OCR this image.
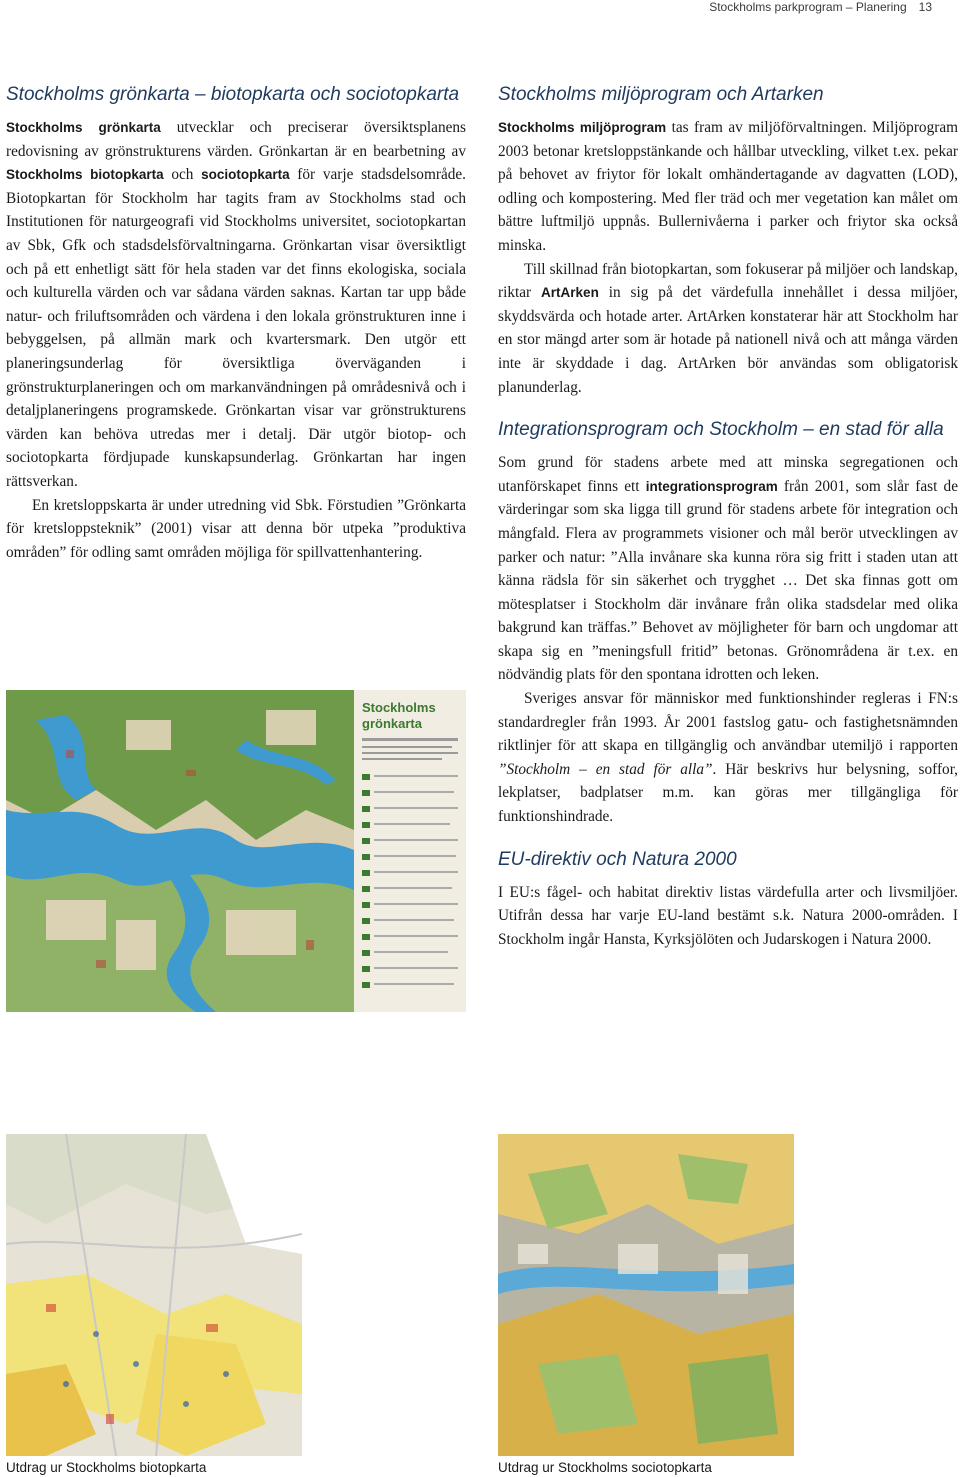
Stockholms parkprogram – Planering 13
Stockholms grönkarta – biotopkarta och sociotopkarta

Stockholms grönkarta utvecklar och preciserar översiktsplanens redovisning av grönstrukturens värden. Grönkartan är en bearbetning av Stockholms biotopkarta och sociotopkarta för varje stadsdelsområde. Biotopkartan för Stockholm har tagits fram av Stockholms stad och Institutionen för naturgeografi vid Stockholms universitet, sociotopkartan av Sbk, Gfk och stadsdelsförvaltningarna. Grönkartan visar översiktligt och på ett enhetligt sätt för hela staden var det finns ekologiska, sociala och kulturella värden och var sådana värden saknas. Kartan tar upp både natur- och friluftsområden och värdena i den lokala grönstrukturen inne i bebyggelsen, på allmän mark och kvartersmark. Den utgör ett planeringsunderlag för översiktliga överväganden i grönstrukturplaneringen och om markanvändningen på områdesnivå och i detaljplaneringens programskede. Grönkartan visar var grönstrukturens värden kan behöva utredas mer i detalj. Där utgör biotop- och sociotopkarta fördjupade kunskapsunderlag. Grönkartan har ingen rättsverkan.

En kretsloppskarta är under utredning vid Sbk. Förstudien ”Grönkarta för kretsloppsteknik” (2001) visar att denna bör utpeka ”produktiva områden” för odling samt områden möjliga för spillvattenhantering.

Stockholms
grönkarta
Stockholms miljöprogram och Artarken

Stockholms miljöprogram tas fram av miljöförvaltningen. Miljöprogram 2003 betonar kretsloppstänkande och hållbar utveckling, vilket t.ex. pekar på behovet av friytor för lokalt omhändertagande av dagvatten (LOD), odling och kompostering. Med fler träd och mer vegetation kan målet om bättre luftmiljö uppnås. Bullernivåerna i parker och friytor ska också minska.

Till skillnad från biotopkartan, som fokuserar på miljöer och landskap, riktar ArtArken in sig på det värdefulla innehållet i dessa miljöer, skyddsvärda och hotade arter. ArtArken konstaterar här att Stockholm har en stor mängd arter som är hotade på nationell nivå och att många värden inte är skyddade i dag. ArtArken bör användas som obligatorisk planunderlag.

Integrationsprogram och Stockholm – en stad för alla

Som grund för stadens arbete med att minska segregationen och utanförskapet finns ett integrationsprogram från 2001, som slår fast de värderingar som ska ligga till grund för stadens arbete för integration och mångfald. Flera av programmets visioner och mål berör utvecklingen av parker och natur: ”Alla invånare ska kunna röra sig fritt i staden utan att känna rädsla för sin säkerhet och trygghet … Det ska finnas gott om mötesplatser i Stockholm där invånare från olika stadsdelar med olika bakgrund kan träffas.” Behovet av möjligheter för barn och ungdomar att skapa sig en ”meningsfull fritid” betonas. Grönområdena är t.ex. en nödvändig plats för den spontana idrotten och leken.

Sveriges ansvar för människor med funktionshinder regleras i FN:s standardregler från 1993. År 2001 fastslog gatu- och fastighetsnämnden riktlinjer för att skapa en tillgänglig och användbar utemiljö i rapporten ”Stockholm – en stad för alla”. Här beskrivs hur belysning, soffor, lekplatser, badplatser m.m. kan göras mer tillgängliga för funktionshindrade.

EU-direktiv och Natura 2000

I EU:s fågel- och habitat direktiv listas värdefulla arter och livsmiljöer. Utifrån dessa har varje EU-land bestämt s.k. Natura 2000-områden. I Stockholm ingår Hansta, Kyrksjölöten och Judarskogen i Natura 2000.

Utdrag ur Stockholms biotopkarta	Utdrag ur Stockholms sociotopkarta
